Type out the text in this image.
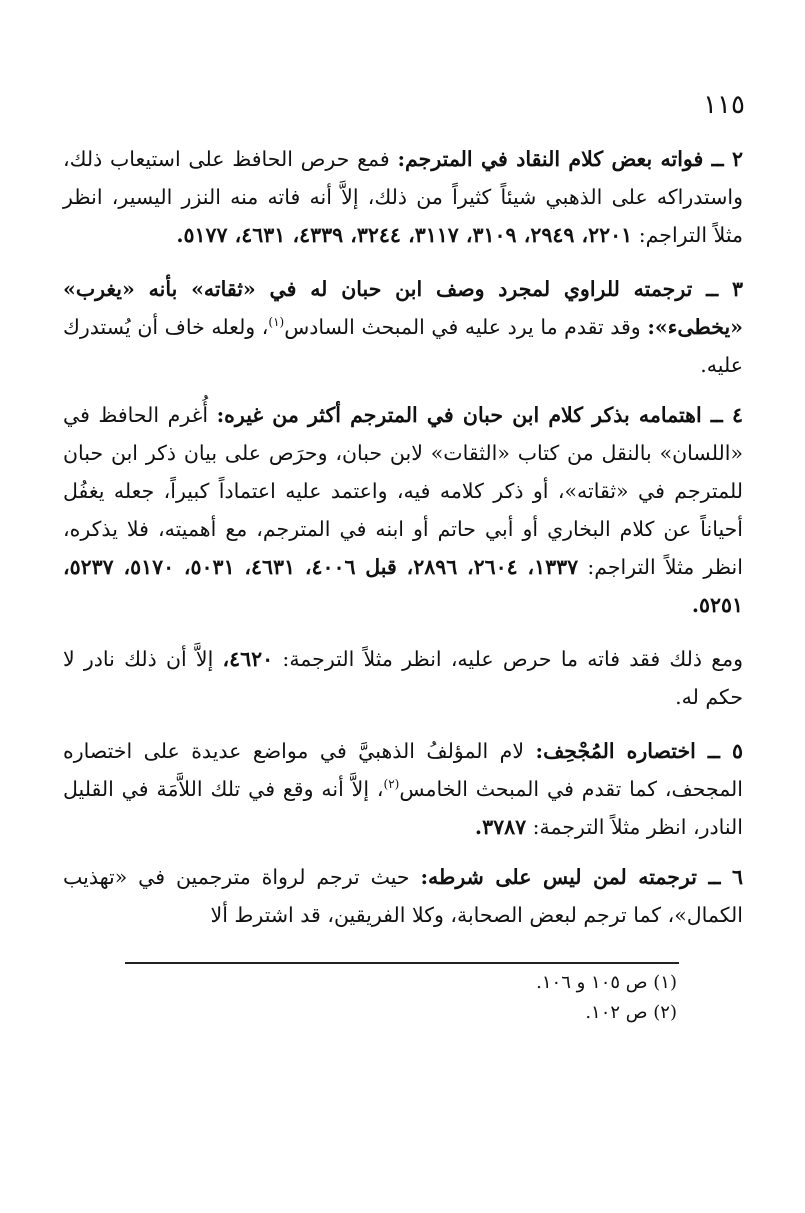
١١٥

٢ ــ فواته بعض كلام النقاد في المترجم: فمع حرص الحافظ على استيعاب ذلك، واستدراكه على الذهبي شيئاً كثيراً من ذلك، إلاَّ أنه فاته منه النزر اليسير، انظر مثلاً التراجم: ٢٢٠١، ٢٩٤٩، ٣١٠٩، ٣١١٧، ٣٢٤٤، ٤٣٣٩، ٤٦٣١، ٥١٧٧.

٣ ــ ترجمته للراوي لمجرد وصف ابن حبان له في «ثقاته» بأنه «يغرب» «يخطىء»: وقد تقدم ما يرد عليه في المبحث السادس$^{(١)}$، ولعله خاف أن يُستدرك عليه.

٤ ــ اهتمامه بذكر كلام ابن حبان في المترجم أكثر من غيره: أُغرم الحافظ في «اللسان» بالنقل من كتاب «الثقات» لابن حبان، وحرَص على بيان ذكر ابن حبان للمترجم في «ثقاته»، أو ذكر كلامه فيه، واعتمد عليه اعتماداً كبيراً، جعله يغفُل أحياناً عن كلام البخاري أو أبي حاتم أو ابنه في المترجم، مع أهميته، فلا يذكره، انظر مثلاً التراجم: ١٣٣٧، ٢٦٠٤، ٢٨٩٦، قبل ٤٠٠٦، ٤٦٣١، ٥٠٣١، ٥١٧٠، ٥٢٣٧، ٥٢٥١.

ومع ذلك فقد فاته ما حرص عليه، انظر مثلاً الترجمة: ٤٦٢٠، إلاَّ أن ذلك نادر لا حكم له.

٥ ــ اختصاره المُجْحِف: لام المؤلفُ الذهبيَّ في مواضع عديدة على اختصاره المجحف، كما تقدم في المبحث الخامس$^{(٢)}$، إلاَّ أنه وقع في تلك اللاَّمَة في القليل النادر، انظر مثلاً الترجمة: ٣٧٨٧.

٦ ــ ترجمته لمن ليس على شرطه: حيث ترجم لرواة مترجمين في «تهذيب الكمال»، كما ترجم لبعض الصحابة، وكلا الفريقين، قد اشترط ألا

(١) ص ١٠٥ و ١٠٦.
(٢) ص ١٠٢.
